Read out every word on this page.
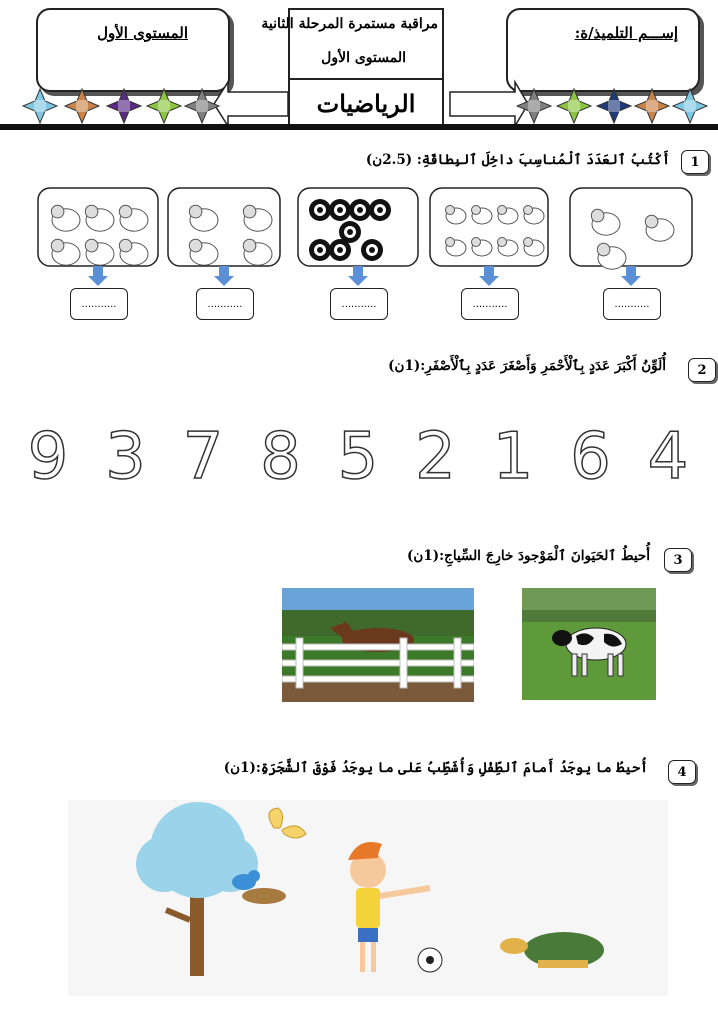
إســـم التلميذ/ة:
المستوى الأول	مراقبة مستمرة المرحلة الثانية
المستوى الأول
الرياضيات
1
أَكْتُبُ ٱلعَدَدَ ٱلْمُناسِبَ داخِلَ ٱلبِطاقَةِ: (2.5ن)
...........	...........	...........	...........	...........
2
أُلَوِّنُ أَكْبَرَ عَدَدٍ بِٱلْأَحْمَرِ وَأَصْغَرَ عَدَدٍ بِٱلْأَصْفَرِ:(1ن)
4
6
1
2
5
8
7
3
9
3
أُحيطُ ٱلحَيَوانَ ٱلْمَوْجودَ خارِجَ السِّياجِ:(1ن)
4
أُحيطُ ما يوجَدُ أَمامَ ٱلطِّفْلِ وَأُشَطِّبُ عَلى ما يوجَدُ فَوْقَ ٱلشَّجَرَةِ:(1ن)
